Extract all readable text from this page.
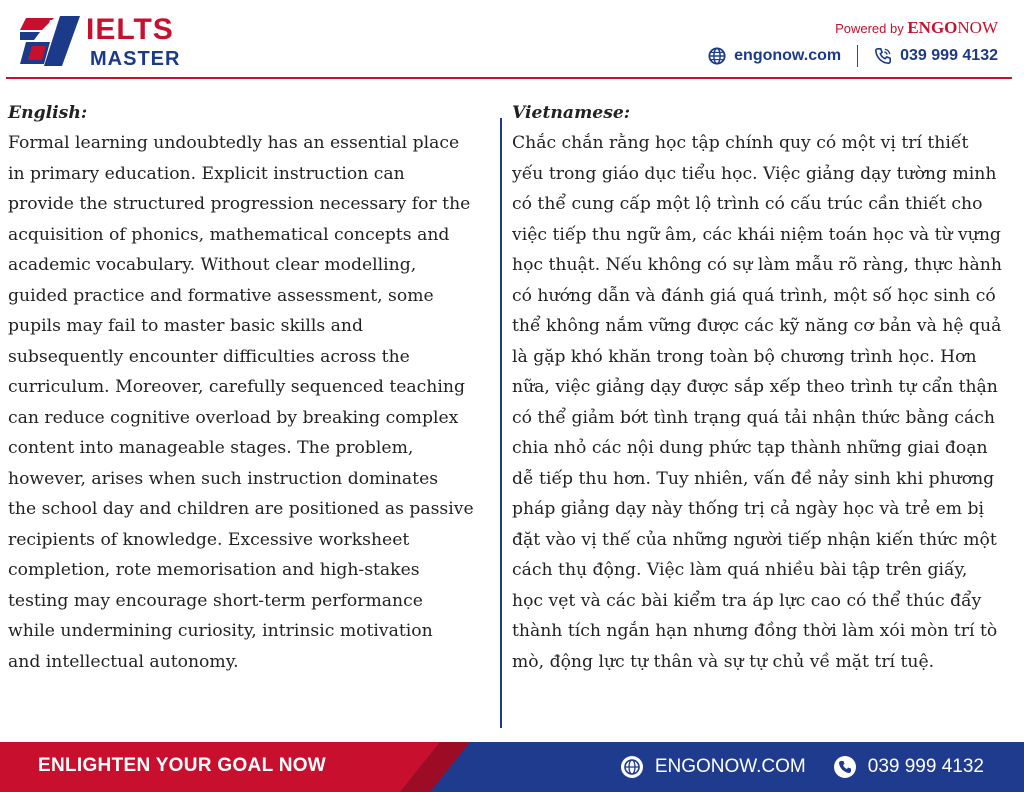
IELTS
MASTER
Powered by ENGONOW
engonow.com	039 999 4132
English:
Formal learning undoubtedly has an essential place
in primary education. Explicit instruction can
provide the structured progression necessary for the
acquisition of phonics, mathematical concepts and
academic vocabulary. Without clear modelling,
guided practice and formative assessment, some
pupils may fail to master basic skills and
subsequently encounter difficulties across the
curriculum. Moreover, carefully sequenced teaching
can reduce cognitive overload by breaking complex
content into manageable stages. The problem,
however, arises when such instruction dominates
the school day and children are positioned as passive
recipients of knowledge. Excessive worksheet
completion, rote memorisation and high-stakes
testing may encourage short-term performance
while undermining curiosity, intrinsic motivation
and intellectual autonomy.
Vietnamese:
Chắc chắn rằng học tập chính quy có một vị trí thiết
yếu trong giáo dục tiểu học. Việc giảng dạy tường minh
có thể cung cấp một lộ trình có cấu trúc cần thiết cho
việc tiếp thu ngữ âm, các khái niệm toán học và từ vựng
học thuật. Nếu không có sự làm mẫu rõ ràng, thực hành
có hướng dẫn và đánh giá quá trình, một số học sinh có
thể không nắm vững được các kỹ năng cơ bản và hệ quả
là gặp khó khăn trong toàn bộ chương trình học. Hơn
nữa, việc giảng dạy được sắp xếp theo trình tự cẩn thận
có thể giảm bớt tình trạng quá tải nhận thức bằng cách
chia nhỏ các nội dung phức tạp thành những giai đoạn
dễ tiếp thu hơn. Tuy nhiên, vấn đề nảy sinh khi phương
pháp giảng dạy này thống trị cả ngày học và trẻ em bị
đặt vào vị thế của những người tiếp nhận kiến thức một
cách thụ động. Việc làm quá nhiều bài tập trên giấy,
học vẹt và các bài kiểm tra áp lực cao có thể thúc đẩy
thành tích ngắn hạn nhưng đồng thời làm xói mòn trí tò
mò, động lực tự thân và sự tự chủ về mặt trí tuệ.
ENLIGHTEN YOUR GOAL NOW	ENGONOW.COM	039 999 4132
